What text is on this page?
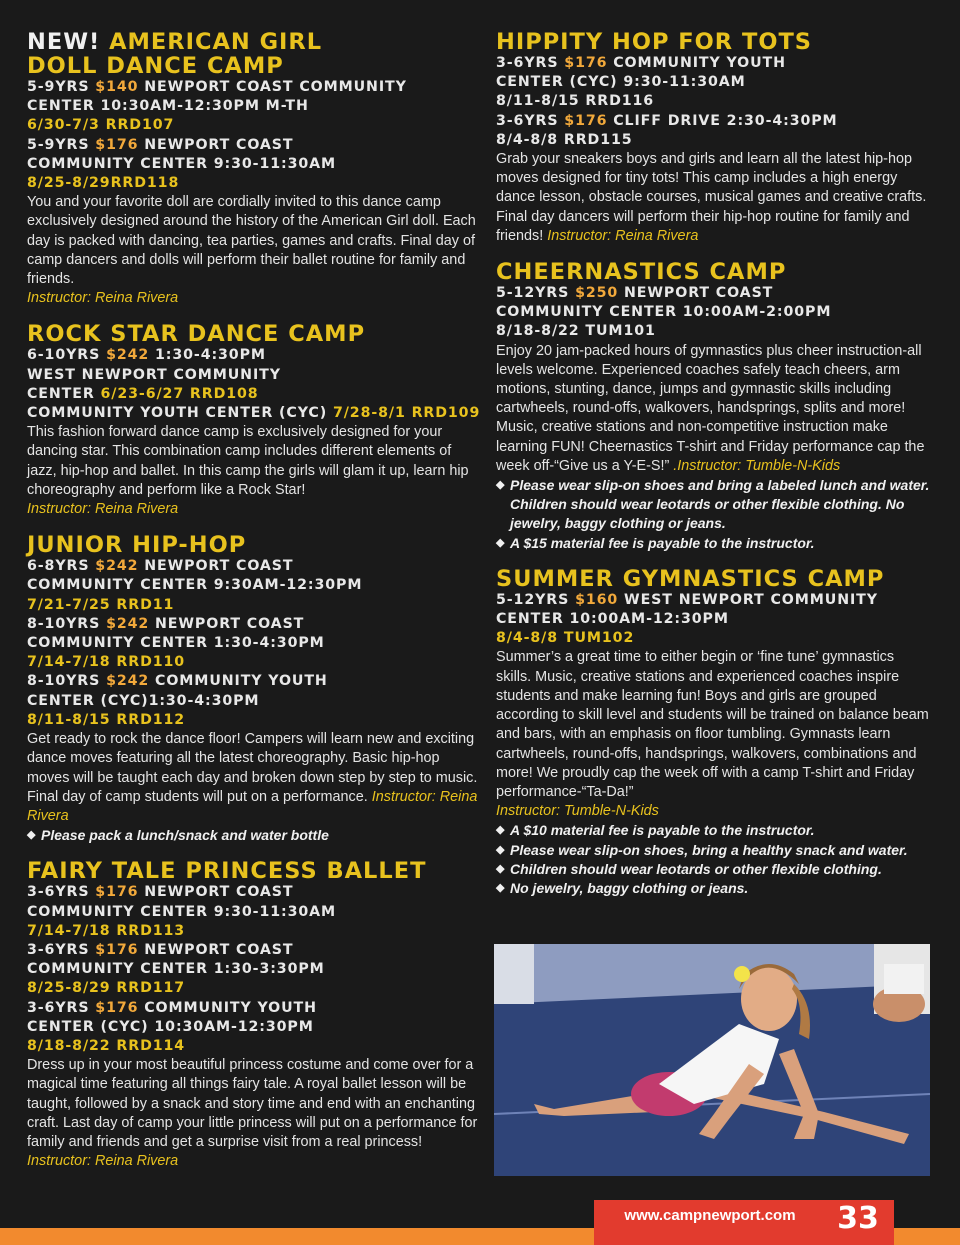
NEW! AMERICAN GIRL
DOLL DANCE CAMP
5-9YRS $140 NEWPORT COAST COMMUNITY
CENTER 10:30AM-12:30PM M-TH
6/30-7/3 RRD107
5-9YRS $176 NEWPORT COAST
COMMUNITY CENTER 9:30-11:30AM
8/25-8/29RRD118
You and your favorite doll are cordially invited to this dance camp exclusively designed around the history of the American Girl doll. Each day is packed with dancing, tea parties, games and crafts. Final day of camp dancers and dolls will perform their ballet routine for family and friends.
Instructor: Reina Rivera
ROCK STAR DANCE CAMP
6-10YRS $242 1:30-4:30PM
WEST NEWPORT COMMUNITY
CENTER 6/23-6/27 RRD108
COMMUNITY YOUTH CENTER (CYC) 7/28-8/1 RRD109
This fashion forward dance camp is exclusively designed for your dancing star. This combination camp includes different elements of jazz, hip-hop and ballet. In this camp the girls will glam it up, learn hip choreography and perform like a Rock Star!
Instructor: Reina Rivera
JUNIOR HIP-HOP
6-8YRS $242 NEWPORT COAST
COMMUNITY CENTER 9:30AM-12:30PM
7/21-7/25 RRD11
8-10YRS $242 NEWPORT COAST
COMMUNITY CENTER 1:30-4:30PM
7/14-7/18 RRD110
8-10YRS $242 COMMUNITY YOUTH
CENTER (CYC)1:30-4:30PM
8/11-8/15 RRD112
Get ready to rock the dance floor! Campers will learn new and exciting dance moves featuring all the latest choreography. Basic hip-hop moves will be taught each day and broken down step by step to music. Final day of camp students will put on a performance. Instructor: Reina Rivera
◆ Please pack a lunch/snack and water bottle
FAIRY TALE PRINCESS BALLET
3-6YRS $176 NEWPORT COAST
COMMUNITY CENTER 9:30-11:30AM
7/14-7/18 RRD113
3-6YRS $176 NEWPORT COAST
COMMUNITY CENTER 1:30-3:30PM
8/25-8/29 RRD117
3-6YRS $176 COMMUNITY YOUTH
CENTER (CYC) 10:30AM-12:30PM
8/18-8/22 RRD114
Dress up in your most beautiful princess costume and come over for a magical time featuring all things fairy tale. A royal ballet lesson will be taught, followed by a snack and story time and end with an enchanting craft. Last day of camp your little princess will put on a performance for family and friends and get a surprise visit from a real princess! Instructor: Reina Rivera
HIPPITY HOP FOR TOTS
3-6YRS $176 COMMUNITY YOUTH
CENTER (CYC) 9:30-11:30AM
8/11-8/15 RRD116
3-6YRS $176 CLIFF DRIVE 2:30-4:30PM
8/4-8/8 RRD115
Grab your sneakers boys and girls and learn all the latest hip-hop moves designed for tiny tots! This camp includes a high energy dance lesson, obstacle courses, musical games and creative crafts. Final day dancers will perform their hip-hop routine for family and friends! Instructor: Reina Rivera
CHEERNASTICS CAMP
5-12YRS $250 NEWPORT COAST
COMMUNITY CENTER 10:00AM-2:00PM
8/18-8/22 TUM101
Enjoy 20 jam-packed hours of gymnastics plus cheer instruction-all levels welcome. Experienced coaches safely teach cheers, arm motions, stunting, dance, jumps and gymnastic skills including cartwheels, round-offs, walkovers, handsprings, splits and more! Music, creative stations and non-competitive instruction make learning FUN! Cheernastics T-shirt and Friday performance cap the week off-“Give us a Y-E-S!” .Instructor: Tumble-N-Kids
◆ Please wear slip-on shoes and bring a labeled lunch and water. Children should wear leotards or other flexible clothing. No jewelry, baggy clothing or jeans.
◆ A $15 material fee is payable to the instructor.
SUMMER GYMNASTICS CAMP
5-12YRS $160 WEST NEWPORT COMMUNITY
CENTER 10:00AM-12:30PM
8/4-8/8 TUM102
Summer’s a great time to either begin or ‘fine tune’ gymnastics skills. Music, creative stations and experienced coaches inspire students and make learning fun! Boys and girls are grouped according to skill level and students will be trained on balance beam and bars, with an emphasis on floor tumbling. Gymnasts learn cartwheels, round-offs, handsprings, walkovers, combinations and more! We proudly cap the week off with a camp T-shirt and Friday performance-“Ta-Da!”
Instructor: Tumble-N-Kids
◆ A $10 material fee is payable to the instructor.
◆ Please wear slip-on shoes, bring a healthy snack and water.
◆ Children should wear leotards or other flexible clothing.
◆ No jewelry, baggy clothing or jeans.
www.campnewport.com	33
